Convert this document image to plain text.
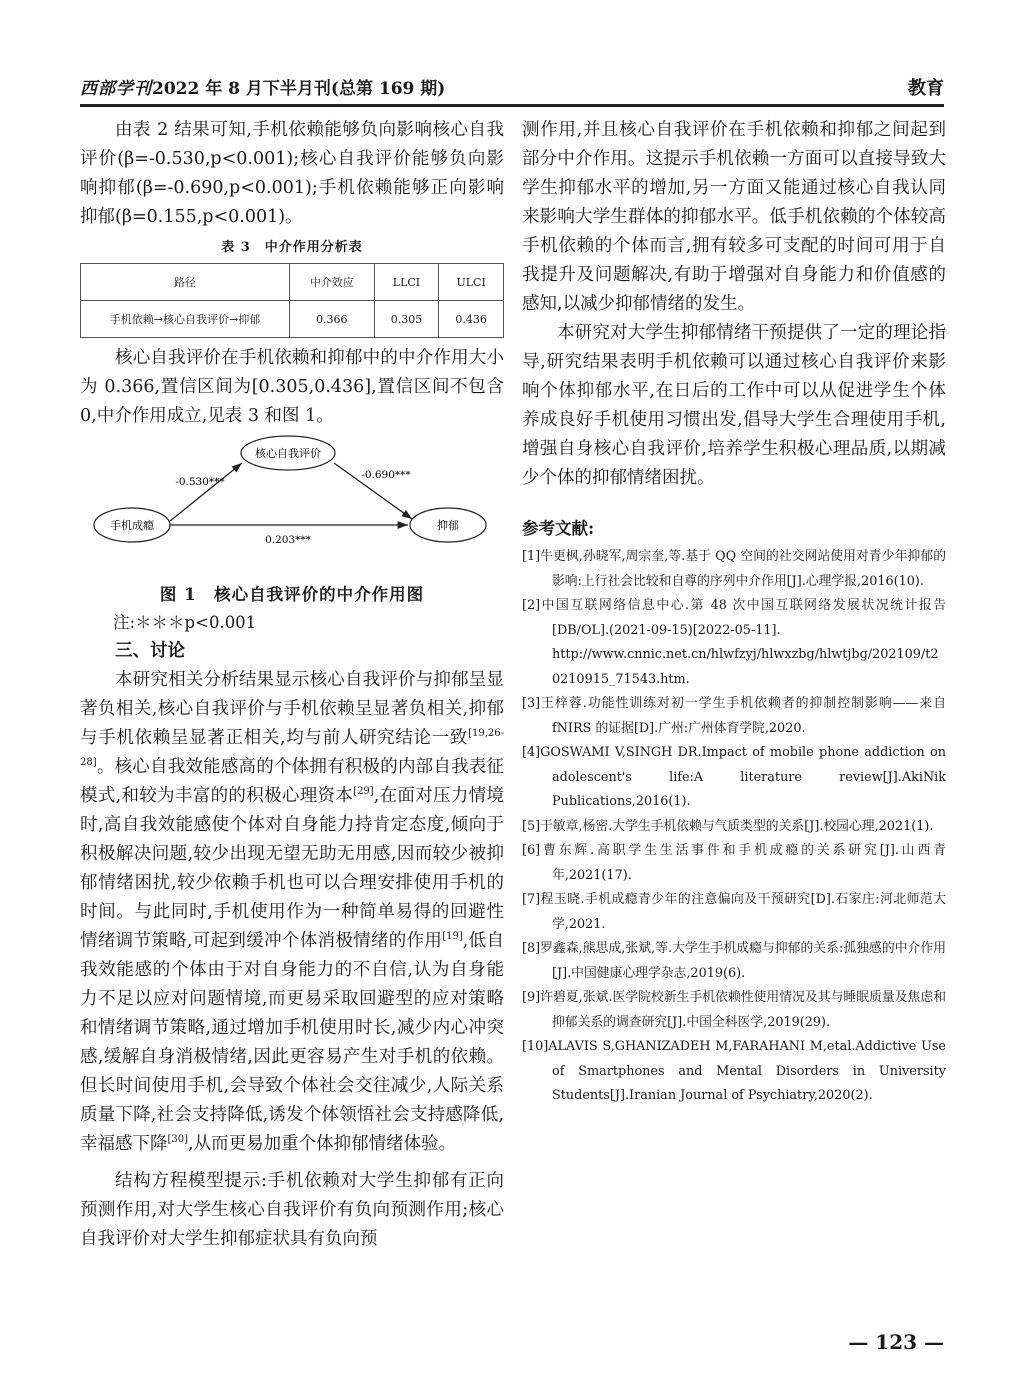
西部学刊2022 年 8 月下半月刊(总第 169 期)	教育

由表 2 结果可知,手机依赖能够负向影响核心自我评价(β=-0.530,p<0.001);核心自我评价能够负向影响抑郁(β=-0.690,p<0.001);手机依赖能够正向影响抑郁(β=0.155,p<0.001)。

表 3　中介作用分析表
路径	中介效应	LLCI	ULCI
手机依赖→核心自我评价→抑郁	0.366	0.305	0.436

核心自我评价在手机依赖和抑郁中的中介作用大小为 0.366,置信区间为[0.305,0.436],置信区间不包含 0,中介作用成立,见表 3 和图 1。

核心自我评价
手机成瘾	抑郁
-0.530***
-0.690***
0.203***
图 1　核心自我评价的中介作用图
注:＊＊＊p<0.001
三、讨论

本研究相关分析结果显示核心自我评价与抑郁呈显著负相关,核心自我评价与手机依赖呈显著负相关,抑郁与手机依赖呈显著正相关,均与前人研究结论一致[19,26-28]。核心自我效能感高的个体拥有积极的内部自我表征模式,和较为丰富的的积极心理资本[29],在面对压力情境时,高自我效能感使个体对自身能力持肯定态度,倾向于积极解决问题,较少出现无望无助无用感,因而较少被抑郁情绪困扰,较少依赖手机也可以合理安排使用手机的时间。与此同时,手机使用作为一种简单易得的回避性情绪调节策略,可起到缓冲个体消极情绪的作用[19],低自我效能感的个体由于对自身能力的不自信,认为自身能力不足以应对问题情境,而更易采取回避型的应对策略和情绪调节策略,通过增加手机使用时长,减少内心冲突感,缓解自身消极情绪,因此更容易产生对手机的依赖。但长时间使用手机,会导致个体社会交往减少,人际关系质量下降,社会支持降低,诱发个体领悟社会支持感降低,幸福感下降[30],从而更易加重个体抑郁情绪体验。

结构方程模型提示:手机依赖对大学生抑郁有正向预测作用,对大学生核心自我评价有负向预测作用;核心自我评价对大学生抑郁症状具有负向预

测作用,并且核心自我评价在手机依赖和抑郁之间起到部分中介作用。这提示手机依赖一方面可以直接导致大学生抑郁水平的增加,另一方面又能通过核心自我认同来影响大学生群体的抑郁水平。低手机依赖的个体较高手机依赖的个体而言,拥有较多可支配的时间可用于自我提升及问题解决,有助于增强对自身能力和价值感的感知,以减少抑郁情绪的发生。

本研究对大学生抑郁情绪干预提供了一定的理论指导,研究结果表明手机依赖可以通过核心自我评价来影响个体抑郁水平,在日后的工作中可以从促进学生个体养成良好手机使用习惯出发,倡导大学生合理使用手机,增强自身核心自我评价,培养学生积极心理品质,以期减少个体的抑郁情绪困扰。

参考文献:

[1]牛更枫,孙晓军,周宗奎,等.基于 QQ 空间的社交网站使用对青少年抑郁的影响:上行社会比较和自尊的序列中介作用[J].心理学报,2016(10).

[2]中国互联网络信息中心.第 48 次中国互联网络发展状况统计报告[DB/OL].(2021-09-15)[2022-05-11].
http://www.cnnic.net.cn/hlwfzyj/hlwxzbg/hlwtjbg/202109/t20210915_71543.htm.

[3]王梓蓉.功能性训练对初一学生手机依赖者的抑制控制影响——来自 fNIRS 的证据[D].广州:广州体育学院,2020.

[4]GOSWAMI V,SINGH DR.Impact of mobile phone addiction on adolescent's life:A literature review[J].AkiNik Publications,2016(1).

[5]于敏章,杨密.大学生手机依赖与气质类型的关系[J].校园心理,2021(1).

[6]曹东辉.高职学生生活事件和手机成瘾的关系研究[J].山西青年,2021(17).

[7]程玉晓.手机成瘾青少年的注意偏向及干预研究[D].石家庄:河北师范大学,2021.

[8]罗鑫森,熊思成,张斌,等.大学生手机成瘾与抑郁的关系:孤独感的中介作用[J].中国健康心理学杂志,2019(6).

[9]许碧夏,张斌.医学院校新生手机依赖性使用情况及其与睡眠质量及焦虑和抑郁关系的调查研究[J].中国全科医学,2019(29).

[10]ALAVIS S,GHANIZADEH M,FARAHANI M,etal.Addictive Use of Smartphones and Mental Disorders in University Students[J].Iranian Journal of Psychiatry,2020(2).

— 123 —
